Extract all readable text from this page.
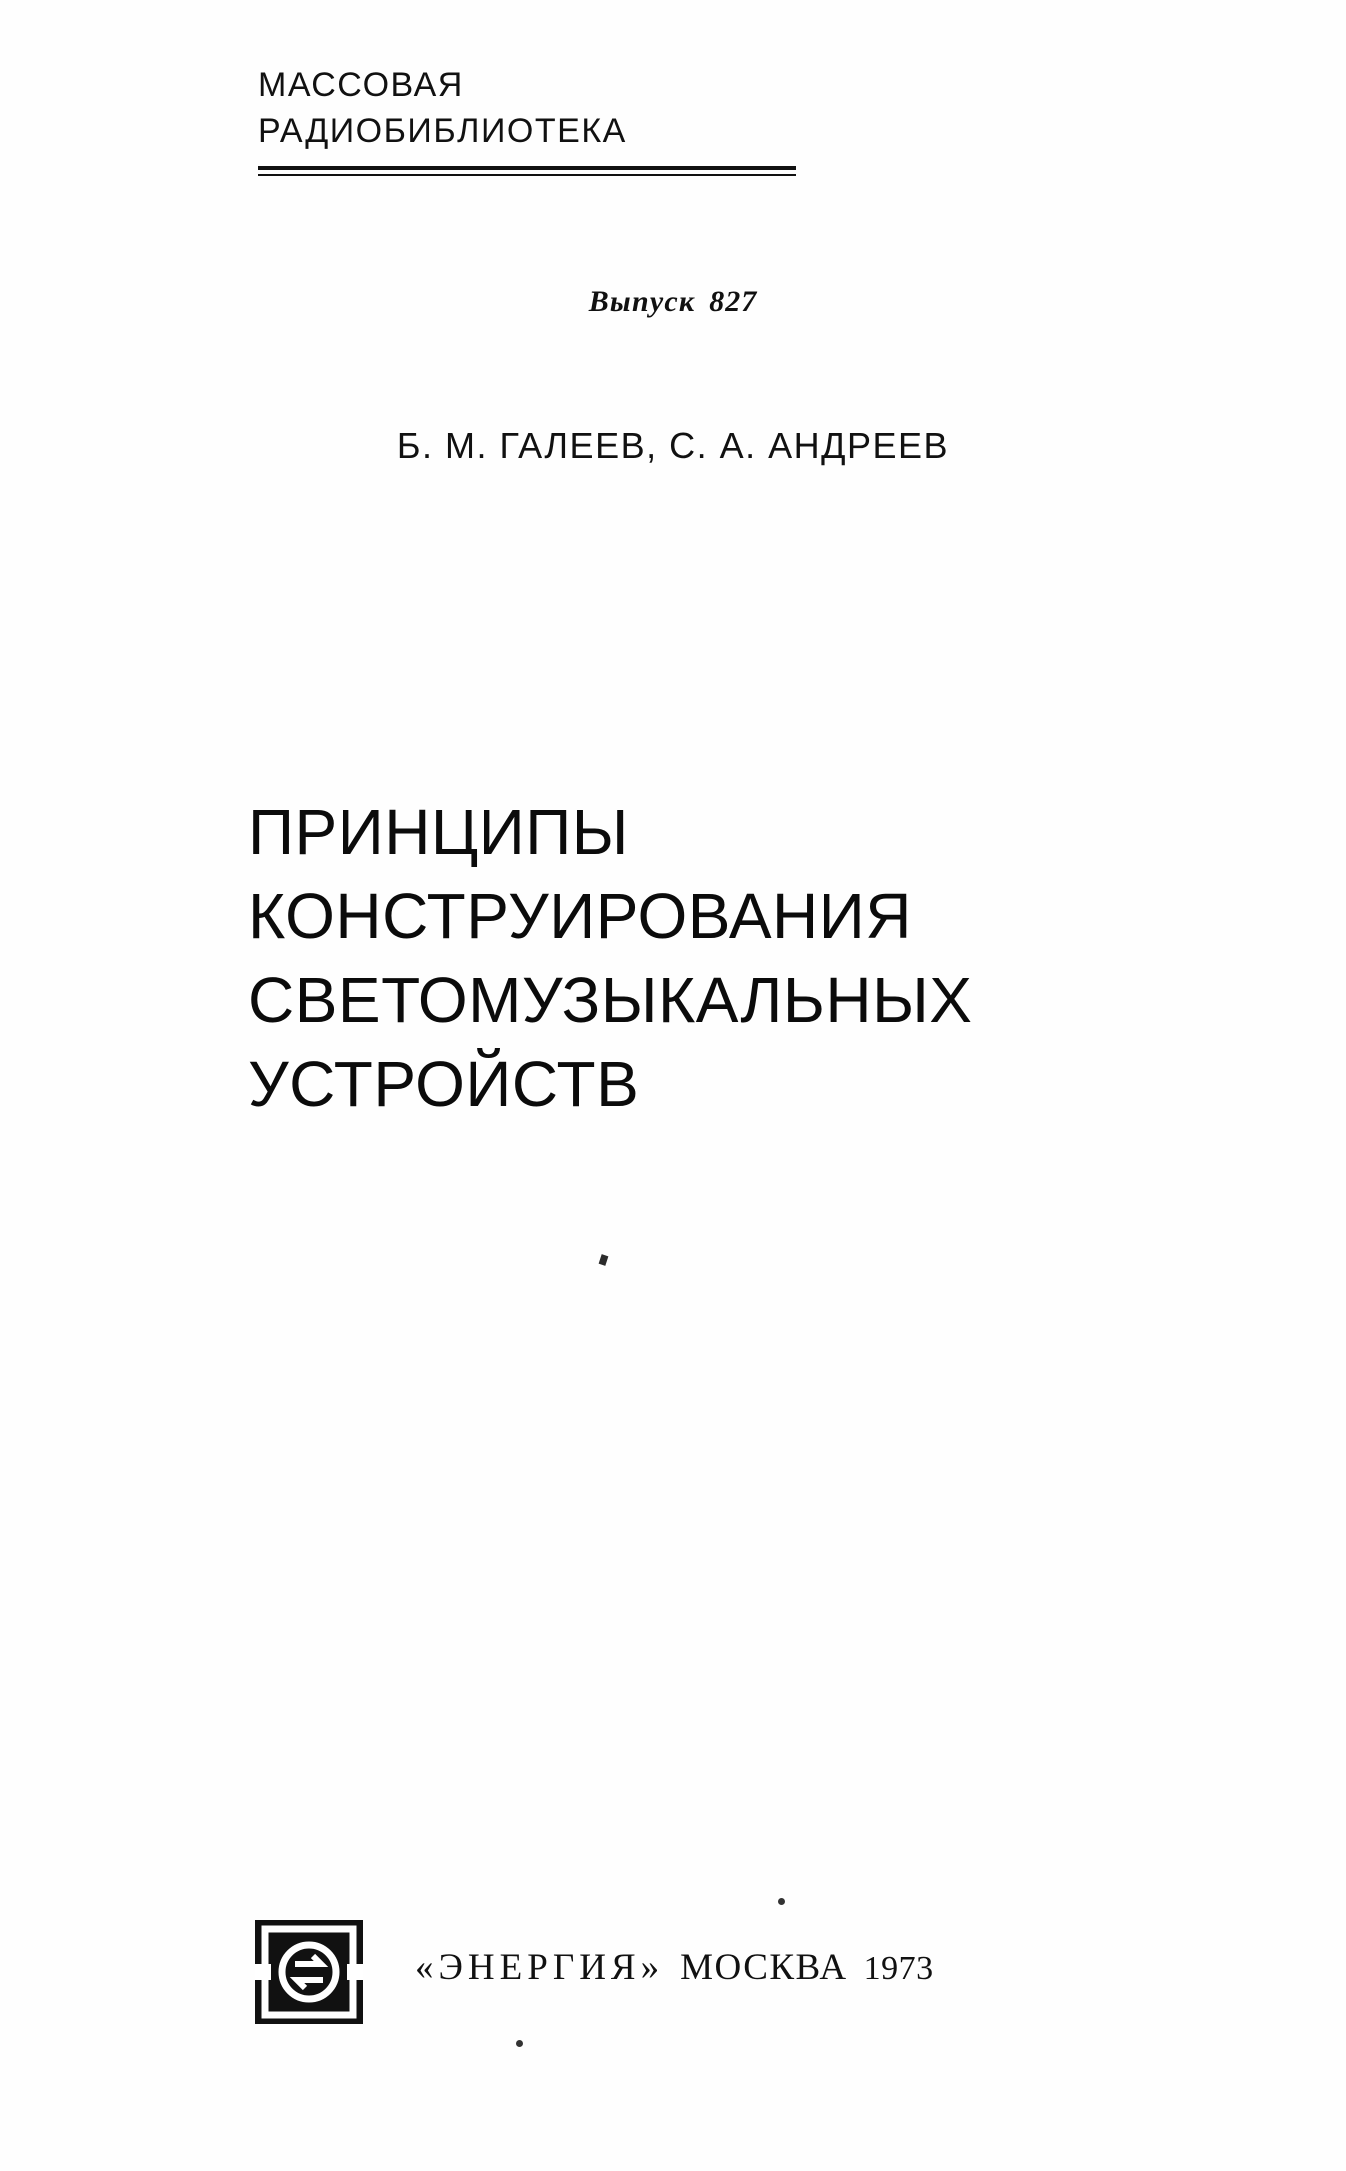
МАССОВАЯ
РАДИОБИБЛИОТЕКА
Выпуск 827
Б. М. ГАЛЕЕВ, С. А. АНДРЕЕВ
ПРИНЦИПЫ
КОНСТРУИРОВАНИЯ
СВЕТОМУЗЫКАЛЬНЫХ
УСТРОЙСТВ
«ЭНЕРГИЯ» МОСКВА 1973
